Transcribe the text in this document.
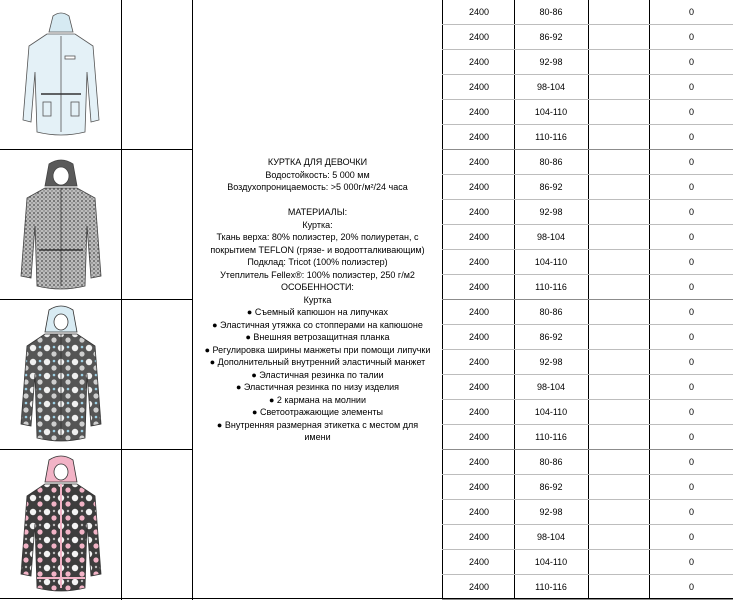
КУРТКА ДЛЯ ДЕВОЧКИ

Водостойкость: 5 000 мм

Воздухопроницаемость: >5 000г/м²/24 часа

МАТЕРИАЛЫ:

Куртка:

Ткань верха: 80% полиэстер, 20% полиуретан, с

покрытием TEFLON (грязе- и водоотталкивающим)

Подклад: Tricot (100% полиэстер)

Утеплитель Fellex®: 100% полиэстер, 250 г/м2

ОСОБЕННОСТИ:

Куртка

● Съемный капюшон на липучках

● Эластичная утяжка со стопперами на капюшоне

● Внешняя ветрозащитная планка

● Регулировка ширины манжеты при помощи липучки

● Дополнительный внутренний эластичный манжет

● Эластичная резинка по талии

● Эластичная резинка по низу изделия

● 2 кармана на молнии

● Светоотражающие элементы

● Внутренняя размерная этикетка с местом для

имени

2400	80-86	0
2400	86-92	0
2400	92-98	0
2400	98-104	0
2400	104-110	0
2400	110-116	0
2400	80-86	0
2400	86-92	0
2400	92-98	0
2400	98-104	0
2400	104-110	0
2400	110-116	0
2400	80-86	0
2400	86-92	0
2400	92-98	0
2400	98-104	0
2400	104-110	0
2400	110-116	0
2400	80-86	0
2400	86-92	0
2400	92-98	0
2400	98-104	0
2400	104-110	0
2400	110-116	0
